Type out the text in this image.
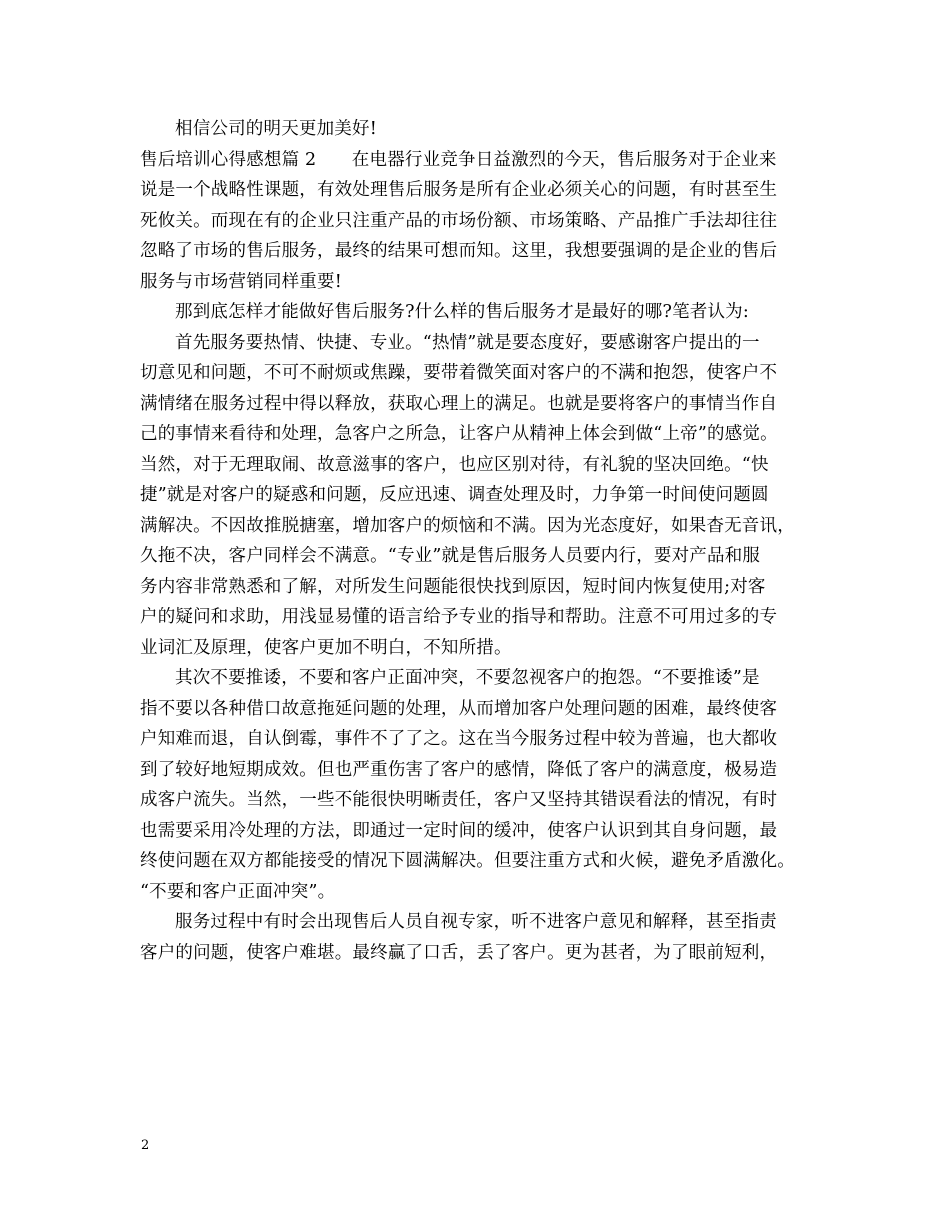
相信公司的明天更加美好!
售后培训心得感想篇 2　　在电器行业竞争日益激烈的今天，售后服务对于企业来
说是一个战略性课题，有效处理售后服务是所有企业必须关心的问题，有时甚至生
死攸关。而现在有的企业只注重产品的市场份额、市场策略、产品推广手法却往往
忽略了市场的售后服务，最终的结果可想而知。这里，我想要强调的是企业的售后
服务与市场营销同样重要!
那到底怎样才能做好售后服务?什么样的售后服务才是最好的哪?笔者认为:
首先服务要热情、快捷、专业。“热情”就是要态度好，要感谢客户提出的一
切意见和问题，不可不耐烦或焦躁，要带着微笑面对客户的不满和抱怨，使客户不
满情绪在服务过程中得以释放，获取心理上的满足。也就是要将客户的事情当作自
己的事情来看待和处理，急客户之所急，让客户从精神上体会到做“上帝”的感觉。
当然，对于无理取闹、故意滋事的客户，也应区别对待，有礼貌的坚决回绝。“快
捷”就是对客户的疑惑和问题，反应迅速、调查处理及时，力争第一时间使问题圆
满解决。不因故推脱搪塞，增加客户的烦恼和不满。因为光态度好，如果杳无音讯，
久拖不决，客户同样会不满意。“专业”就是售后服务人员要内行，要对产品和服
务内容非常熟悉和了解，对所发生问题能很快找到原因，短时间内恢复使用;对客
户的疑问和求助，用浅显易懂的语言给予专业的指导和帮助。注意不可用过多的专
业词汇及原理，使客户更加不明白，不知所措。
其次不要推诿，不要和客户正面冲突，不要忽视客户的抱怨。“不要推诿”是
指不要以各种借口故意拖延问题的处理，从而增加客户处理问题的困难，最终使客
户知难而退，自认倒霉，事件不了了之。这在当今服务过程中较为普遍，也大都收
到了较好地短期成效。但也严重伤害了客户的感情，降低了客户的满意度，极易造
成客户流失。当然，一些不能很快明晰责任，客户又坚持其错误看法的情况，有时
也需要采用冷处理的方法，即通过一定时间的缓冲，使客户认识到其自身问题，最
终使问题在双方都能接受的情况下圆满解决。但要注重方式和火候，避免矛盾激化。
“不要和客户正面冲突”。
服务过程中有时会出现售后人员自视专家，听不进客户意见和解释，甚至指责
客户的问题，使客户难堪。最终赢了口舌，丢了客户。更为甚者，为了眼前短利，
2
